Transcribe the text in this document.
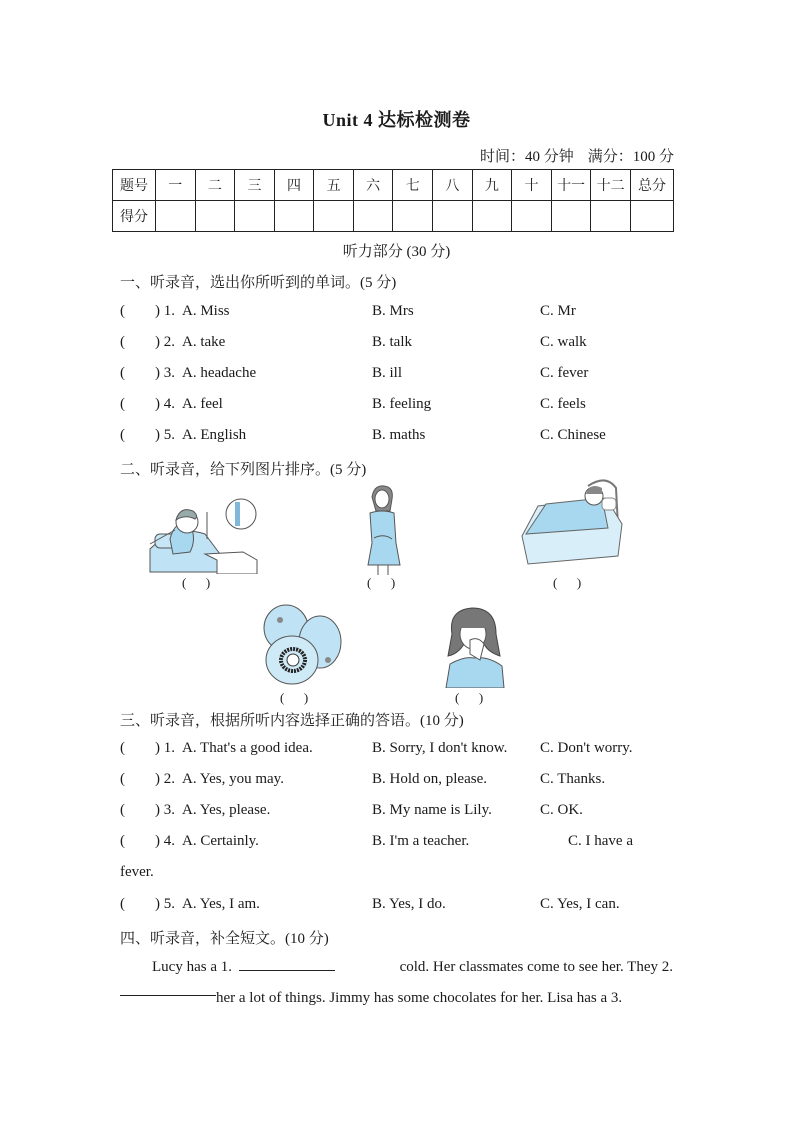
Unit 4 达标检测卷
时间：40 分钟 满分：100 分
题号	一	二	三	四	五	六	七	八	九	十	十一	十二	总分
得分													
听力部分 (30 分)
一、听录音，选出你所听到的单词。(5 分)
(        ) 1. A. Miss	B. Mrs	C. Mr
(        ) 2. A. take	B. talk	C. walk
(        ) 3. A. headache	B. ill	C. fever
(        ) 4. A. feel	B. feeling	C. feels
(        ) 5. A. English	B. maths	C. Chinese
二、听录音，给下列图片排序。(5 分)
(      )	(      )	(      )
(      )	(      )
三、听录音，根据所听内容选择正确的答语。(10 分)
(        ) 1. A. That's a good idea.	B. Sorry, I don't know. C. Don't worry.
(        ) 2. A. Yes, you may.	B. Hold on, please.	C. Thanks.
(        ) 3. A. Yes, please.	B. My name is Lily.	C. OK.
(        ) 4. A. Certainly.	B. I'm a teacher.	C. I have a
fever.
(        ) 5. A. Yes, I am.	B. Yes, I do.	C. Yes, I can.
四、听录音，补全短文。(10 分)
Lucy has a 1.	cold. Her classmates come to see her. They 2.
her a lot of things. Jimmy has some chocolates for her. Lisa has a 3.
